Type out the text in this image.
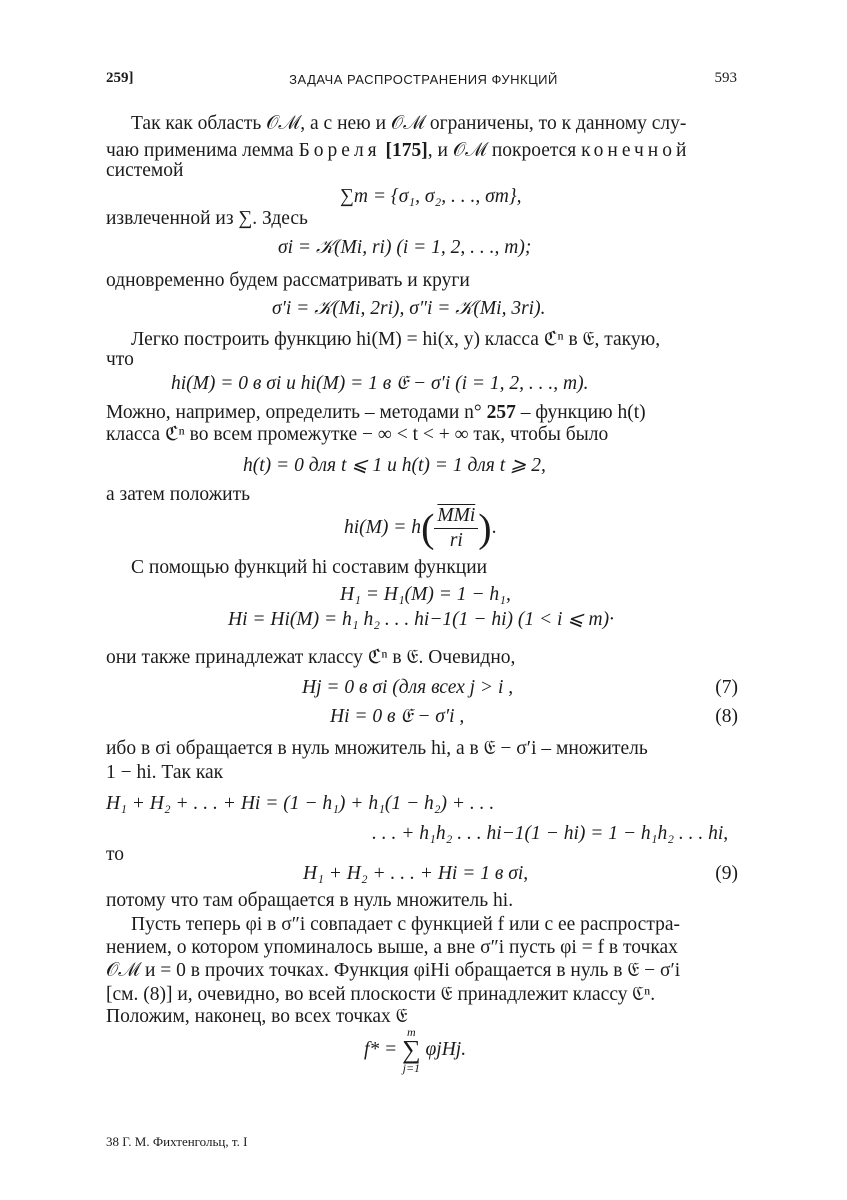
259]	ЗАДАЧА РАСПРОСТРАНЕНИЯ ФУНКЦИЙ	593
Так как область 𝒪ℳ, а с нею и 𝒪ℳ ограничены, то к данному слу-
чаю применима лемма Бореля [175], и 𝒪ℳ покроется конечной
системой
∑m = {σ₁, σ₂, . . ., σm},
извлеченной из ∑. Здесь
σi = 𝒦(Mi, ri) (i = 1, 2, . . ., m);
одновременно будем рассматривать и круги
σ′i = 𝒦(Mi, 2ri), σ″i = 𝒦(Mi, 3ri).
Легко построить функцию hi(M) = hi(x, y) класса ℭⁿ в 𝔈, такую,
что
hi(M) = 0 в σi и hi(M) = 1 в 𝔈 − σ′i (i = 1, 2, . . ., m).
Можно, например, определить – методами n° 257 – функцию h(t)
класса ℭⁿ во всем промежутке − ∞ < t < + ∞ так, чтобы было
h(t) = 0 для t ⩽ 1 и h(t) = 1 для t ⩾ 2,
а затем положить
$hi(M) = h( \frac{\overline{MMi}}{ri}$ ).
С помощью функций hi составим функции
H₁ = H₁(M) = 1 − h₁,
Hi = Hi(M) = h₁ h₂ . . . hi−1(1 − hi) (1 < i ⩽ m)·
они также принадлежат классу ℭⁿ в 𝔈. Очевидно,
Hj = 0 в σi (для всех j > i ,	(7)
Hi = 0 в 𝔈 − σ′i ,	(8)
ибо в σi обращается в нуль множитель hi, а в 𝔈 − σ′i – множитель
1 − hi. Так как
H₁ + H₂ + . . . + Hi = (1 − h₁) + h₁(1 − h₂) + . . .
. . . + h₁h₂ . . . hi−1(1 − hi) = 1 − h₁h₂ . . . hi,
то
H₁ + H₂ + . . . + Hi = 1 в σi,	(9)
потому что там обращается в нуль множитель hi.
Пусть теперь φi в σ″i совпадает с функцией f или с ее распростра-
нением, о котором упоминалось выше, а вне σ″i пусть φi = f в точках
𝒪ℳ и = 0 в прочих точках. Функция φiHi обращается в нуль в 𝔈 − σ′i
[см. (8)] и, очевидно, во всей плоскости 𝔈 принадлежит классу ℭⁿ.
Положим, наконец, во всех точках 𝔈
f* =
m
∑
j=1
φjHj.
38 Г. М. Фихтенгольц, т. I
